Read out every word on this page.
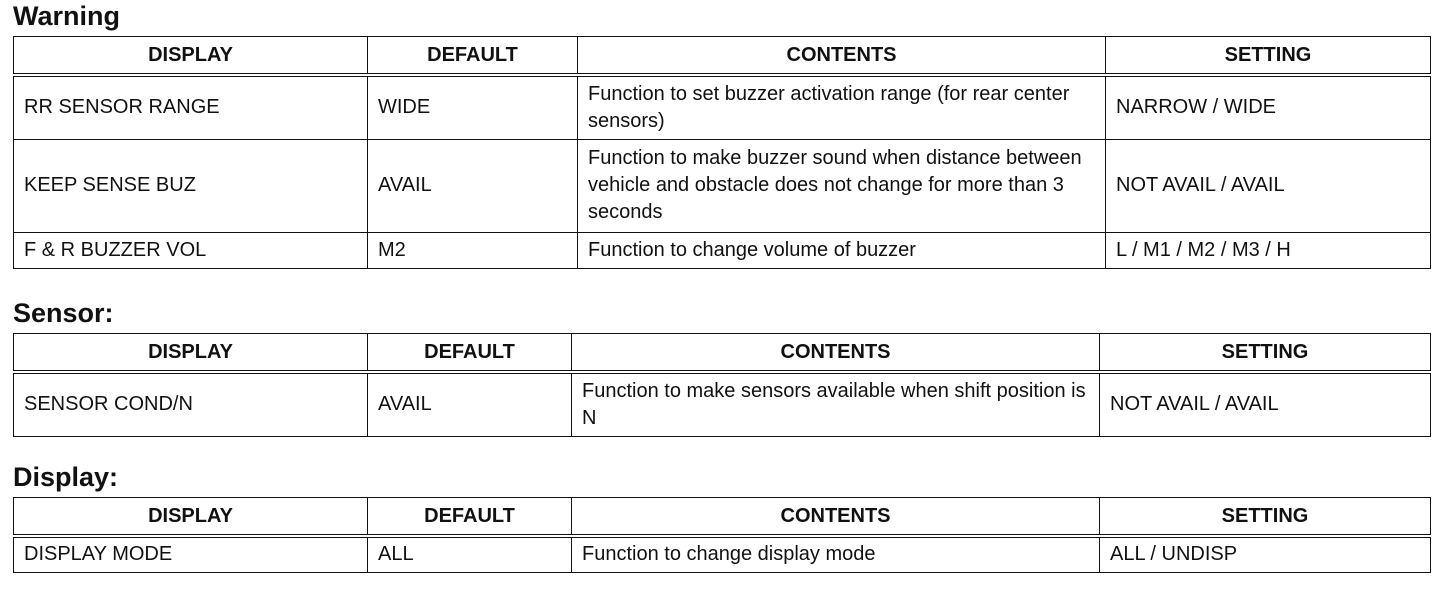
Warning
DISPLAY	DEFAULT	CONTENTS	SETTING
RR SENSOR RANGE	WIDE	Function to set buzzer activation range (for rear center sensors)	NARROW / WIDE
KEEP SENSE BUZ	AVAIL	Function to make buzzer sound when distance between vehicle and obstacle does not change for more than 3 seconds	NOT AVAIL / AVAIL
F & R BUZZER VOL	M2	Function to change volume of buzzer	L / M1 / M2 / M3 / H
Sensor:
DISPLAY	DEFAULT	CONTENTS	SETTING
SENSOR COND/N	AVAIL	Function to make sensors available when shift position is N	NOT AVAIL / AVAIL
Display:
DISPLAY	DEFAULT	CONTENTS	SETTING
DISPLAY MODE	ALL	Function to change display mode	ALL / UNDISP
